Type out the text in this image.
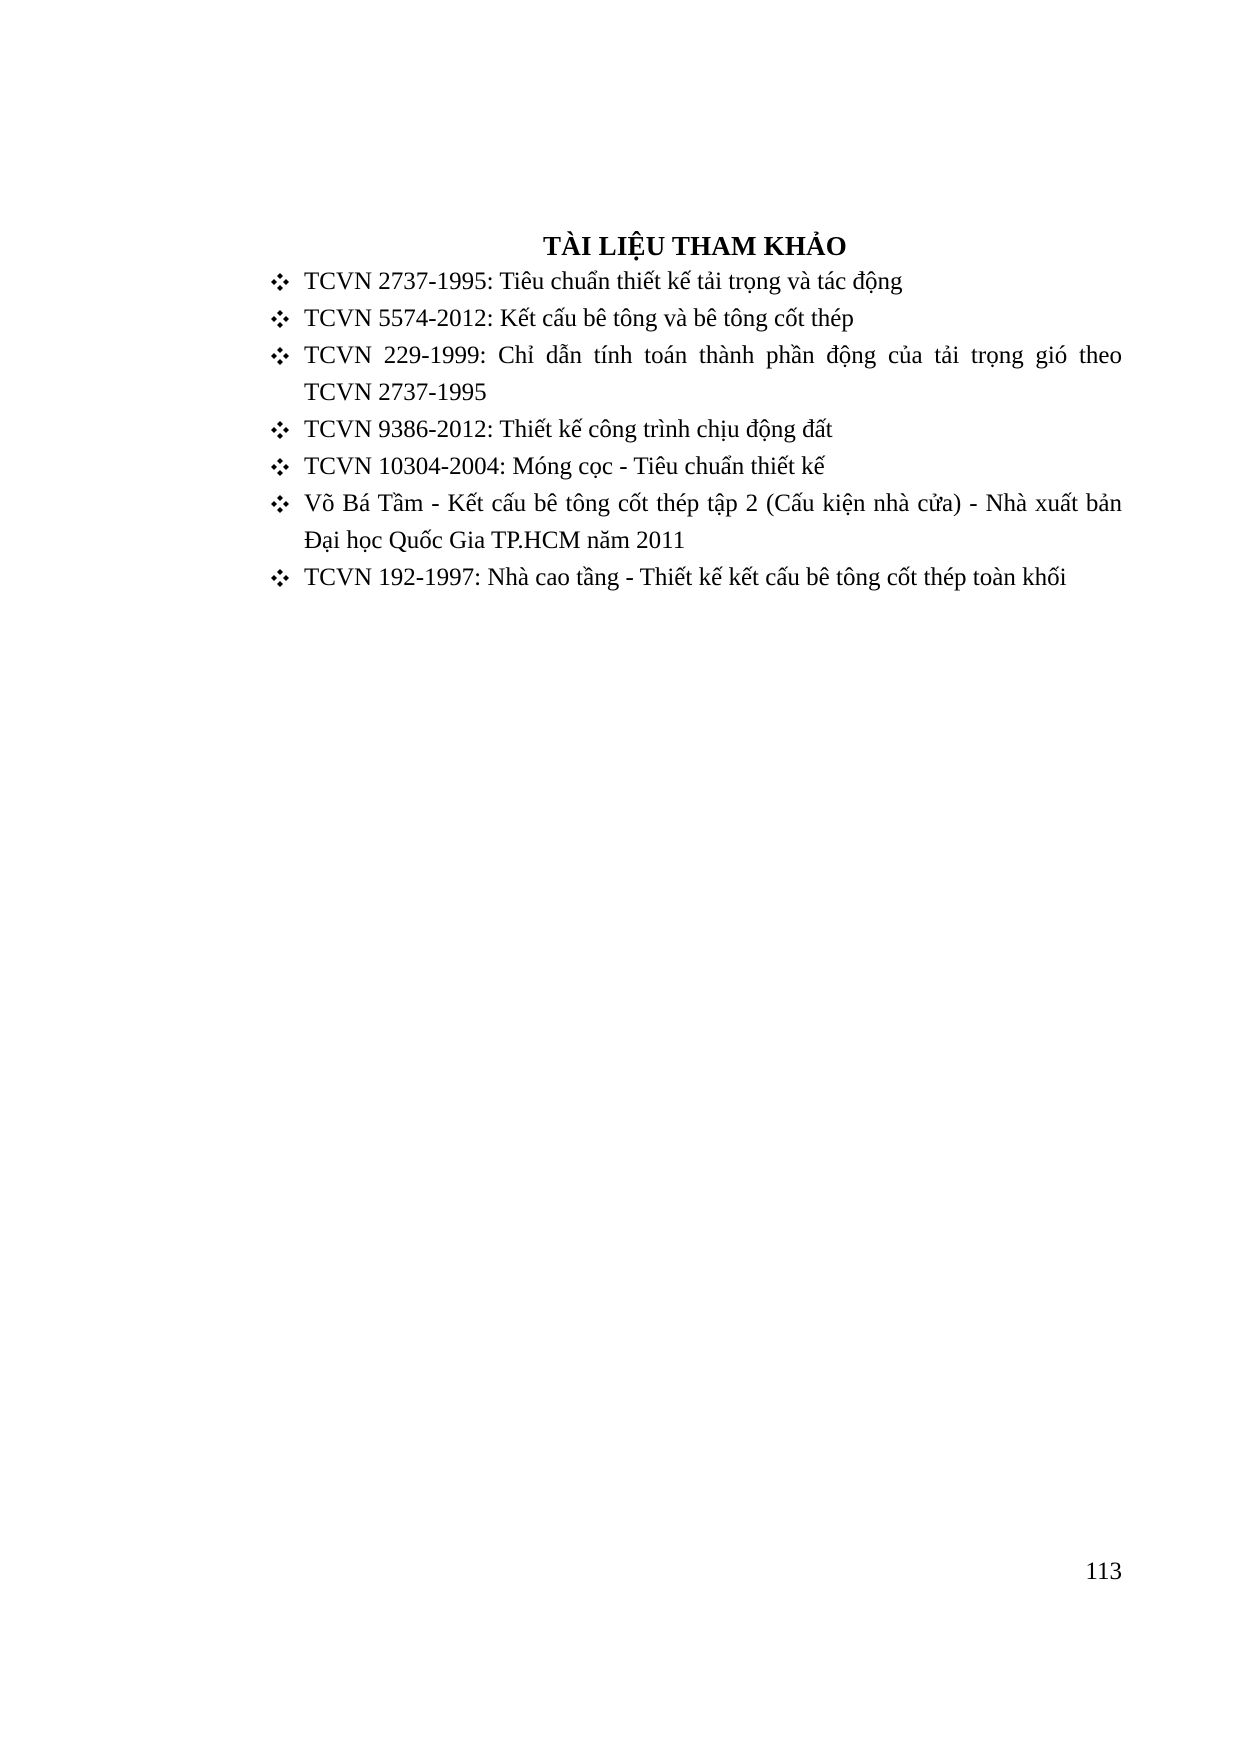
TÀI LIỆU THAM KHẢO
TCVN 2737-1995: Tiêu chuẩn thiết kế tải trọng và tác động
TCVN 5574-2012: Kết cấu bê tông và bê tông cốt thép
TCVN 229-1999: Chỉ dẫn tính toán thành phần động của tải trọng gió theo TCVN 2737-1995
TCVN 9386-2012: Thiết kế công trình chịu động đất
TCVN 10304-2004: Móng cọc - Tiêu chuẩn thiết kế
Võ Bá Tầm - Kết cấu bê tông cốt thép tập 2 (Cấu kiện nhà cửa) - Nhà xuất bản Đại học Quốc Gia TP.HCM năm 2011
TCVN 192-1997: Nhà cao tầng - Thiết kế kết cấu bê tông cốt thép toàn khối
113
